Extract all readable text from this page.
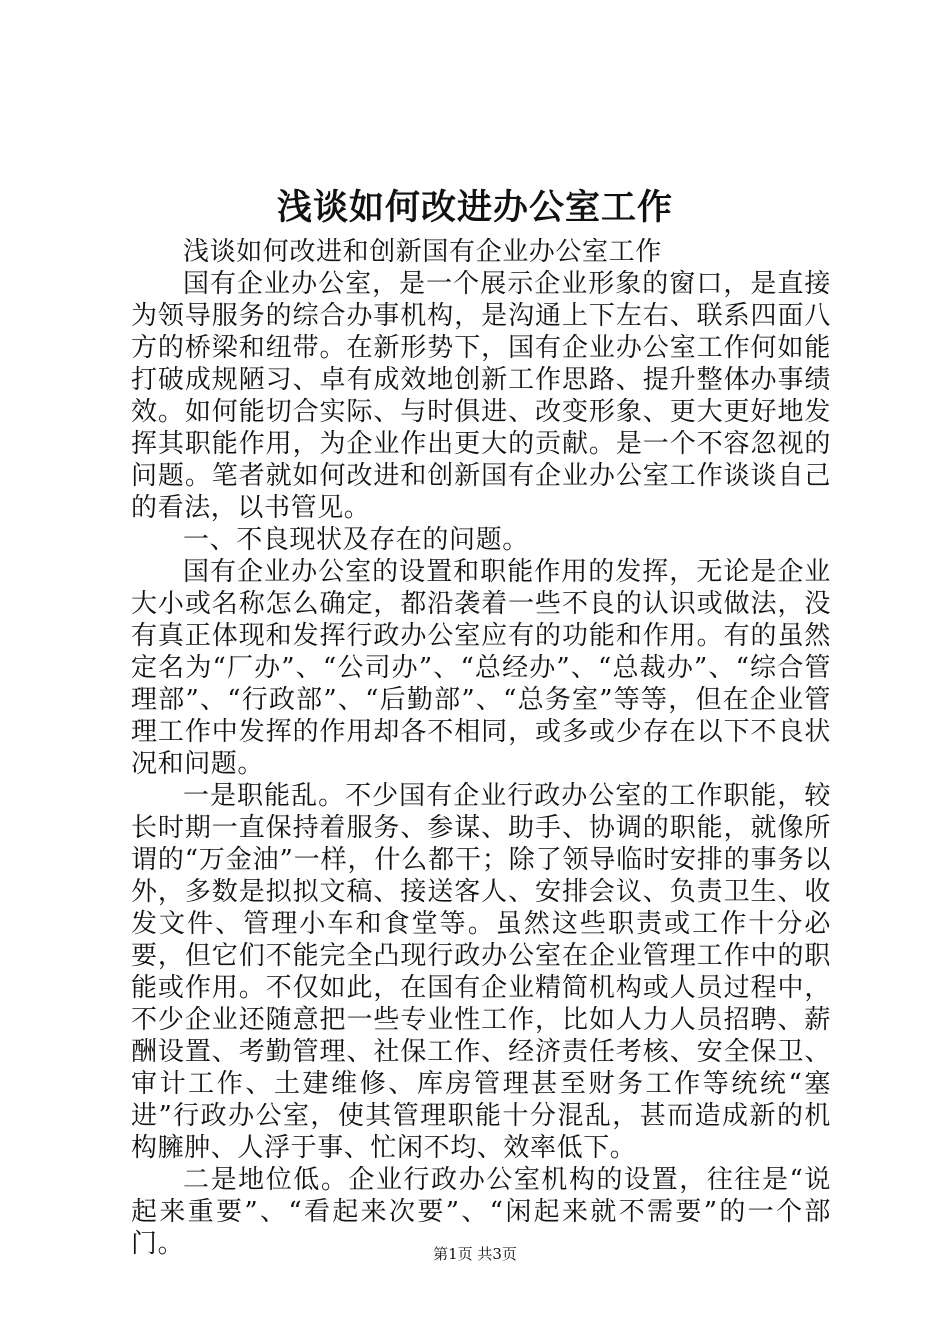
浅谈如何改进办公室工作

浅谈如何改进和创新国有企业办公室工作

国有企业办公室，是一个展示企业形象的窗口，是直接为领导服务的综合办事机构，是沟通上下左右、联系四面八方的桥梁和纽带。在新形势下，国有企业办公室工作何如能打破成规陋习、卓有成效地创新工作思路、提升整体办事绩效。如何能切合实际、与时俱进、改变形象、更大更好地发挥其职能作用，为企业作出更大的贡献。是一个不容忽视的问题。笔者就如何改进和创新国有企业办公室工作谈谈自己的看法，以书管见。

一、不良现状及存在的问题。

国有企业办公室的设置和职能作用的发挥，无论是企业大小或名称怎么确定，都沿袭着一些不良的认识或做法，没有真正体现和发挥行政办公室应有的功能和作用。有的虽然定名为“厂办”、“公司办”、“总经办”、“总裁办”、“综合管理部”、“行政部”、“后勤部”、“总务室”等等，但在企业管理工作中发挥的作用却各不相同，或多或少存在以下不良状况和问题。

一是职能乱。不少国有企业行政办公室的工作职能，较长时期一直保持着服务、参谋、助手、协调的职能，就像所谓的“万金油”一样，什么都干；除了领导临时安排的事务以外，多数是拟拟文稿、接送客人、安排会议、负责卫生、收发文件、管理小车和食堂等。虽然这些职责或工作十分必要，但它们不能完全凸现行政办公室在企业管理工作中的职能或作用。不仅如此，在国有企业精简机构或人员过程中，不少企业还随意把一些专业性工作，比如人力人员招聘、薪酬设置、考勤管理、社保工作、经济责任考核、安全保卫、审计工作、土建维修、库房管理甚至财务工作等统统“塞进”行政办公室，使其管理职能十分混乱，甚而造成新的机构臃肿、人浮于事、忙闲不均、效率低下。

二是地位低。企业行政办公室机构的设置，往往是“说起来重要”、“看起来次要”、“闲起来就不需要”的一个部门。	第1页 共3页
